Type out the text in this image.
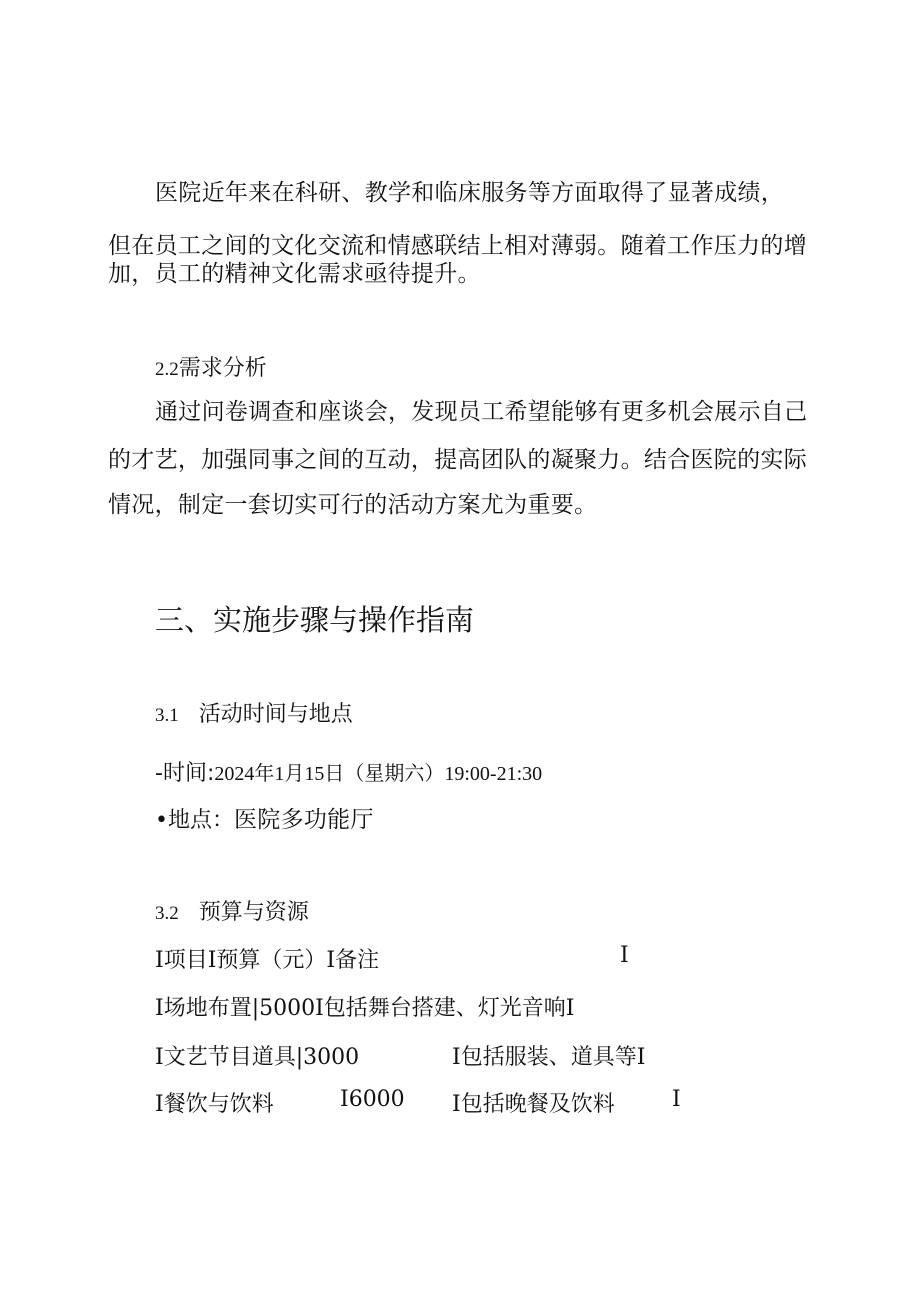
医院近年来在科研、教学和临床服务等方面取得了显著成绩，
但在员工之间的文化交流和情感联结上相对薄弱。随着工作压力的增
加，员工的精神文化需求亟待提升。
2.2需求分析
通过问卷调查和座谈会，发现员工希望能够有更多机会展示自己
的才艺，加强同事之间的互动，提高团队的凝聚力。结合医院的实际
情况，制定一套切实可行的活动方案尤为重要。
三、实施步骤与操作指南
3.1 活动时间与地点
-时间:2024年1月15日（星期六）19:00-21:30
•地点：医院多功能厅
3.2 预算与资源
I项目I预算（元）I备注	I
I场地布置|5000I包括舞台搭建、灯光音响I
I文艺节目道具|3000	I包括服装、道具等I
I餐饮与饮料	I6000 I包括晚餐及饮料	I
